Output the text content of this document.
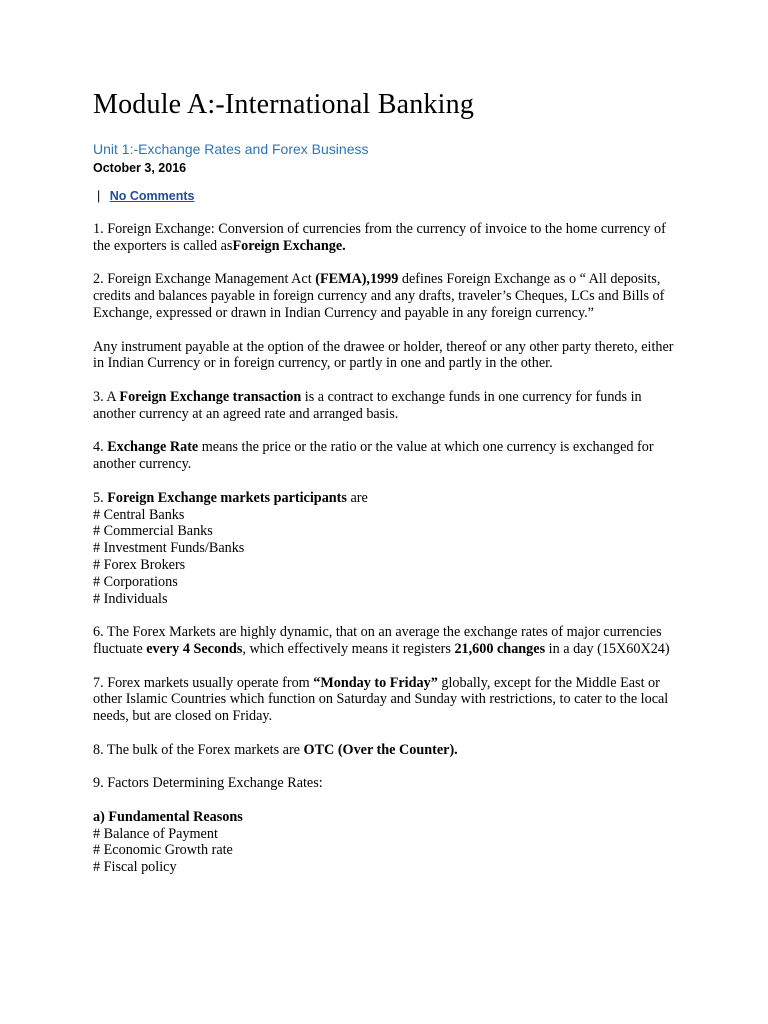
Module A:-International Banking
Unit 1:-Exchange Rates and Forex Business
October 3, 2016
| No Comments

1. Foreign Exchange: Conversion of currencies from the currency of invoice to the home currency of the exporters is called asForeign Exchange.

2. Foreign Exchange Management Act (FEMA),1999 defines Foreign Exchange as o “ All deposits, credits and balances payable in foreign currency and any drafts, traveler’s Cheques, LCs and Bills of Exchange, expressed or drawn in Indian Currency and payable in any foreign currency.”

Any instrument payable at the option of the drawee or holder, thereof or any other party thereto, either in Indian Currency or in foreign currency, or partly in one and partly in the other.

3. A Foreign Exchange transaction is a contract to exchange funds in one currency for funds in another currency at an agreed rate and arranged basis.

4. Exchange Rate means the price or the ratio or the value at which one currency is exchanged for another currency.

5. Foreign Exchange markets participants are
# Central Banks
# Commercial Banks
# Investment Funds/Banks
# Forex Brokers
# Corporations
# Individuals

6. The Forex Markets are highly dynamic, that on an average the exchange rates of major currencies fluctuate every 4 Seconds, which effectively means it registers 21,600 changes in a day (15X60X24)

7. Forex markets usually operate from “Monday to Friday” globally, except for the Middle East or other Islamic Countries which function on Saturday and Sunday with restrictions, to cater to the local needs, but are closed on Friday.

8. The bulk of the Forex markets are OTC (Over the Counter).

9. Factors Determining Exchange Rates:

a) Fundamental Reasons
# Balance of Payment
# Economic Growth rate
# Fiscal policy
